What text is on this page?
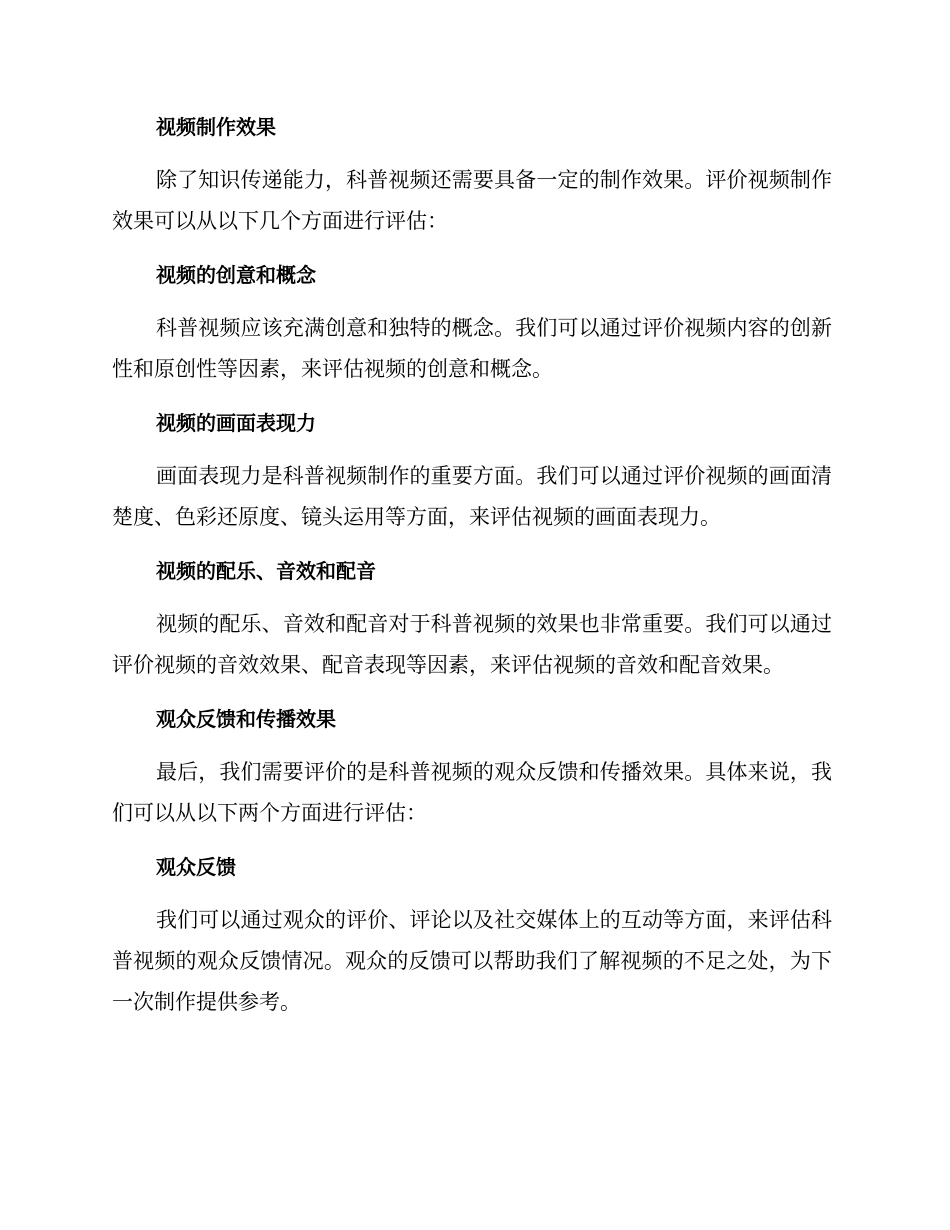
视频制作效果

除了知识传递能力，科普视频还需要具备一定的制作效果。评价视频制作效果可以从以下几个方面进行评估：

视频的创意和概念

科普视频应该充满创意和独特的概念。我们可以通过评价视频内容的创新性和原创性等因素，来评估视频的创意和概念。

视频的画面表现力

画面表现力是科普视频制作的重要方面。我们可以通过评价视频的画面清楚度、色彩还原度、镜头运用等方面，来评估视频的画面表现力。

视频的配乐、音效和配音

视频的配乐、音效和配音对于科普视频的效果也非常重要。我们可以通过评价视频的音效效果、配音表现等因素，来评估视频的音效和配音效果。

观众反馈和传播效果

最后，我们需要评价的是科普视频的观众反馈和传播效果。具体来说，我们可以从以下两个方面进行评估：

观众反馈

我们可以通过观众的评价、评论以及社交媒体上的互动等方面，来评估科普视频的观众反馈情况。观众的反馈可以帮助我们了解视频的不足之处，为下一次制作提供参考。
